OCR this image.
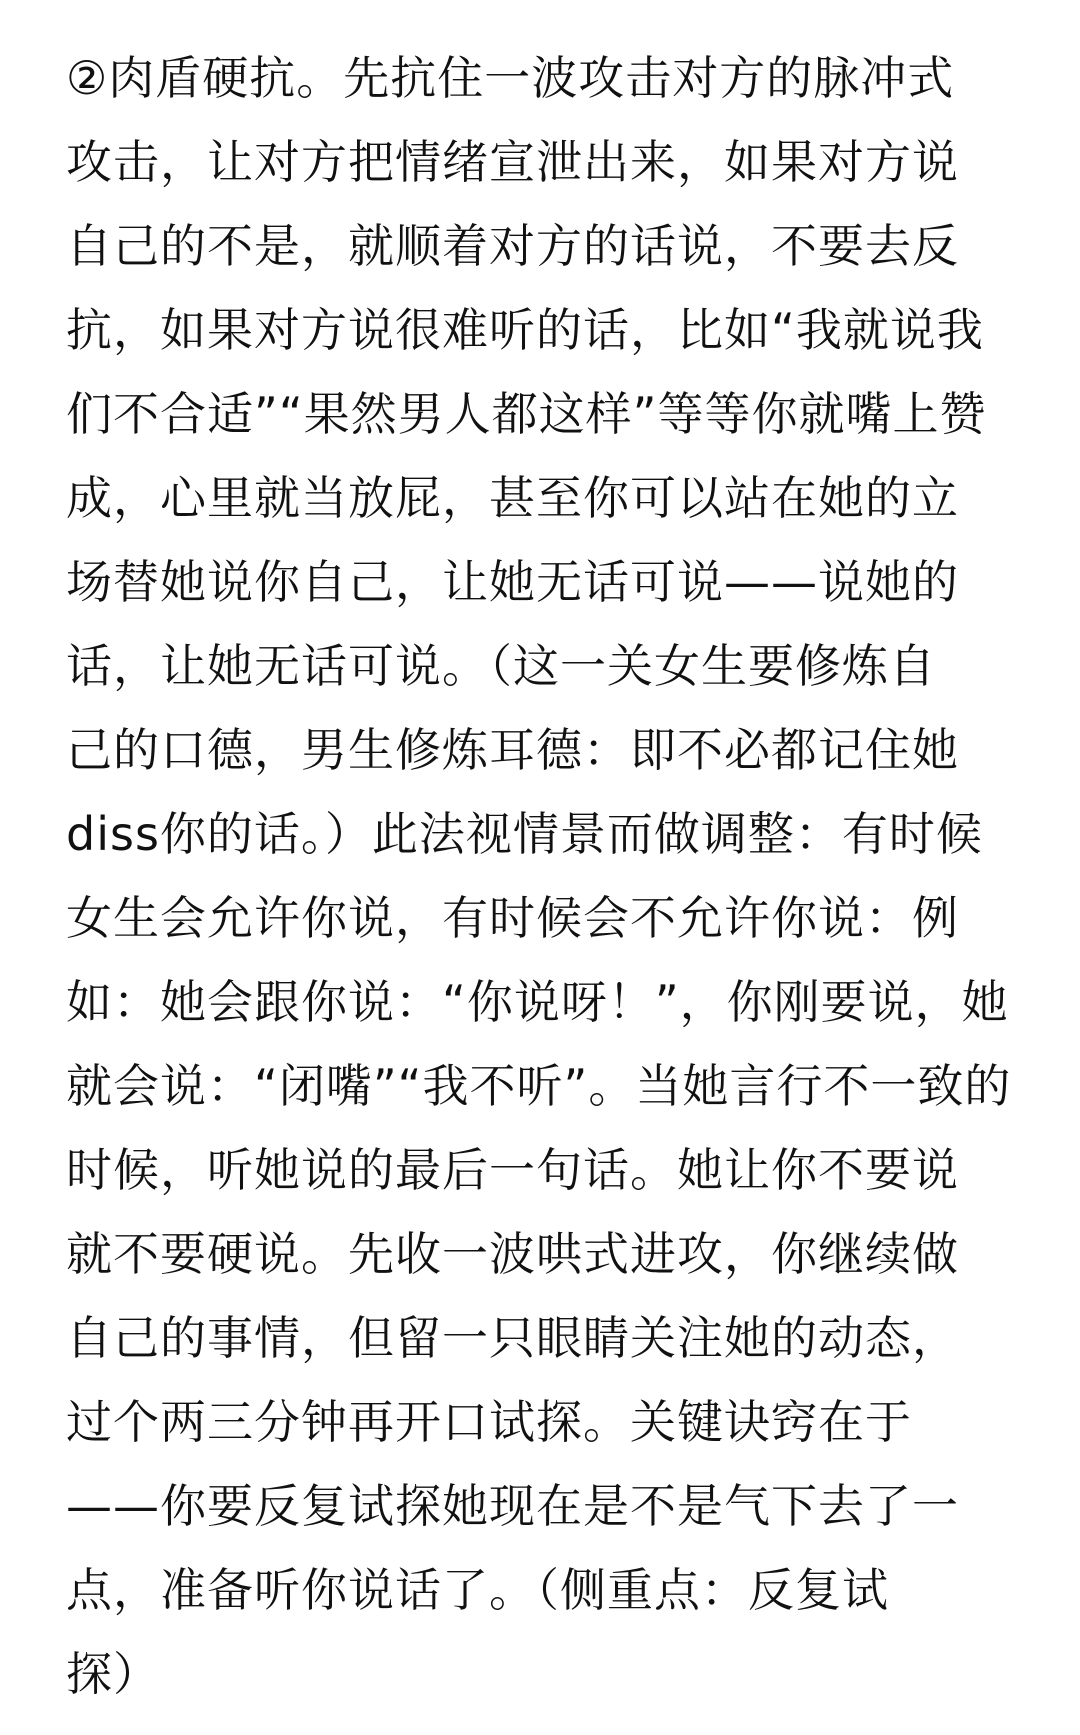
②肉盾硬抗。先抗住一波攻击对方的脉冲式
攻击，让对方把情绪宣泄出来，如果对方说
自己的不是，就顺着对方的话说，不要去反
抗，如果对方说很难听的话，比如“我就说我
们不合适”“果然男人都这样”等等你就嘴上赞
成，心里就当放屁，甚至你可以站在她的立
场替她说你自己，让她无话可说——说她的
话，让她无话可说。（这一关女生要修炼自
己的口德，男生修炼耳德：即不必都记住她
diss你的话。）此法视情景而做调整：有时候
女生会允许你说，有时候会不允许你说：例
如：她会跟你说：“你说呀！”，你刚要说，她
就会说：“闭嘴”“我不听”。当她言行不一致的
时候，听她说的最后一句话。她让你不要说
就不要硬说。先收一波哄式进攻，你继续做
自己的事情，但留一只眼睛关注她的动态，
过个两三分钟再开口试探。关键诀窍在于
——你要反复试探她现在是不是气下去了一
点，准备听你说话了。（侧重点：反复试
探）
